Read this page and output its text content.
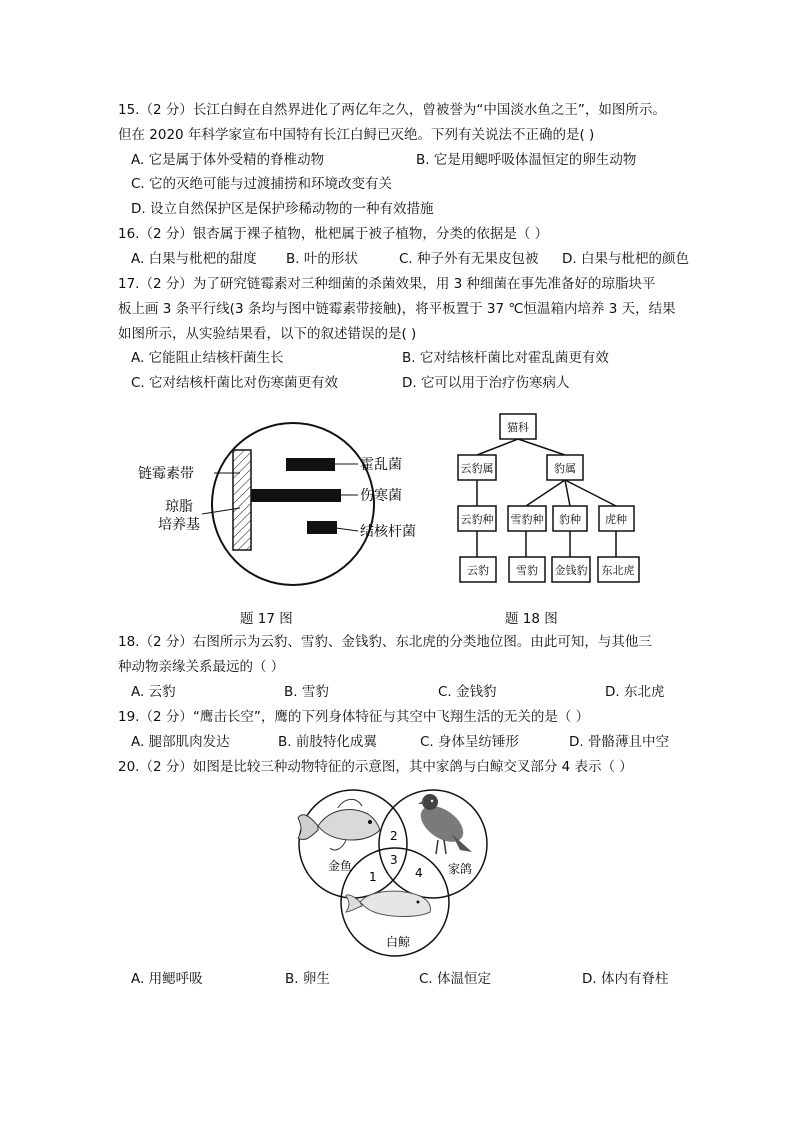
15.（2 分）长江白鲟在自然界进化了两亿年之久，曾被誉为“中国淡水鱼之王”，如图所示。
但在 2020 年科学家宣布中国特有长江白鲟已灭绝。下列有关说法不正确的是( )
A. 它是属于体外受精的脊椎动物	B. 它是用鳃呼吸体温恒定的卵生动物
C. 它的灭绝可能与过渡捕捞和环境改变有关
D. 设立自然保护区是保护珍稀动物的一种有效措施
16.（2 分）银杏属于裸子植物，枇杷属于被子植物，分类的依据是（ ）
A. 白果与枇杷的甜度 B. 叶的形状	C. 种子外有无果皮包被 D. 白果与枇杷的颜色
17.（2 分）为了研究链霉素对三种细菌的杀菌效果，用 3 种细菌在事先准备好的琼脂块平
板上画 3 条平行线(3 条均与图中链霉素带接触)，将平板置于 37 ℃恒温箱内培养 3 天，结果
如图所示，从实验结果看，以下的叙述错误的是( )
A. 它能阻止结核杆菌生长	B. 它对结核杆菌比对霍乱菌更有效
C. 它对结核杆菌比对伤寒菌更有效	D. 它可以用于治疗伤寒病人
链霉素带
琼脂
培养基
霍乱菌
伤寒菌
结核杆菌
猫科
云豹属	豹属
云豹种 雪豹种 豹种 虎种
云豹 雪豹 金钱豹 东北虎
题 17 图	题 18 图
18.（2 分）右图所示为云豹、雪豹、金钱豹、东北虎的分类地位图。由此可知，与其他三
种动物亲缘关系最远的（ ）
A. 云豹	B. 雪豹	C. 金钱豹	D. 东北虎
19.（2 分）“鹰击长空”，鹰的下列身体特征与其空中飞翔生活的无关的是（ ）
A. 腿部肌肉发达	B. 前肢特化成翼	C. 身体呈纺锤形	D. 骨骼薄且中空
20.（2 分）如图是比较三种动物特征的示意图，其中家鸽与白鲸交叉部分 4 表示（ ）
金鱼	家鸽
白鲸
2
3
1	4
A. 用鳃呼吸	B. 卵生	C. 体温恒定	D. 体内有脊柱
